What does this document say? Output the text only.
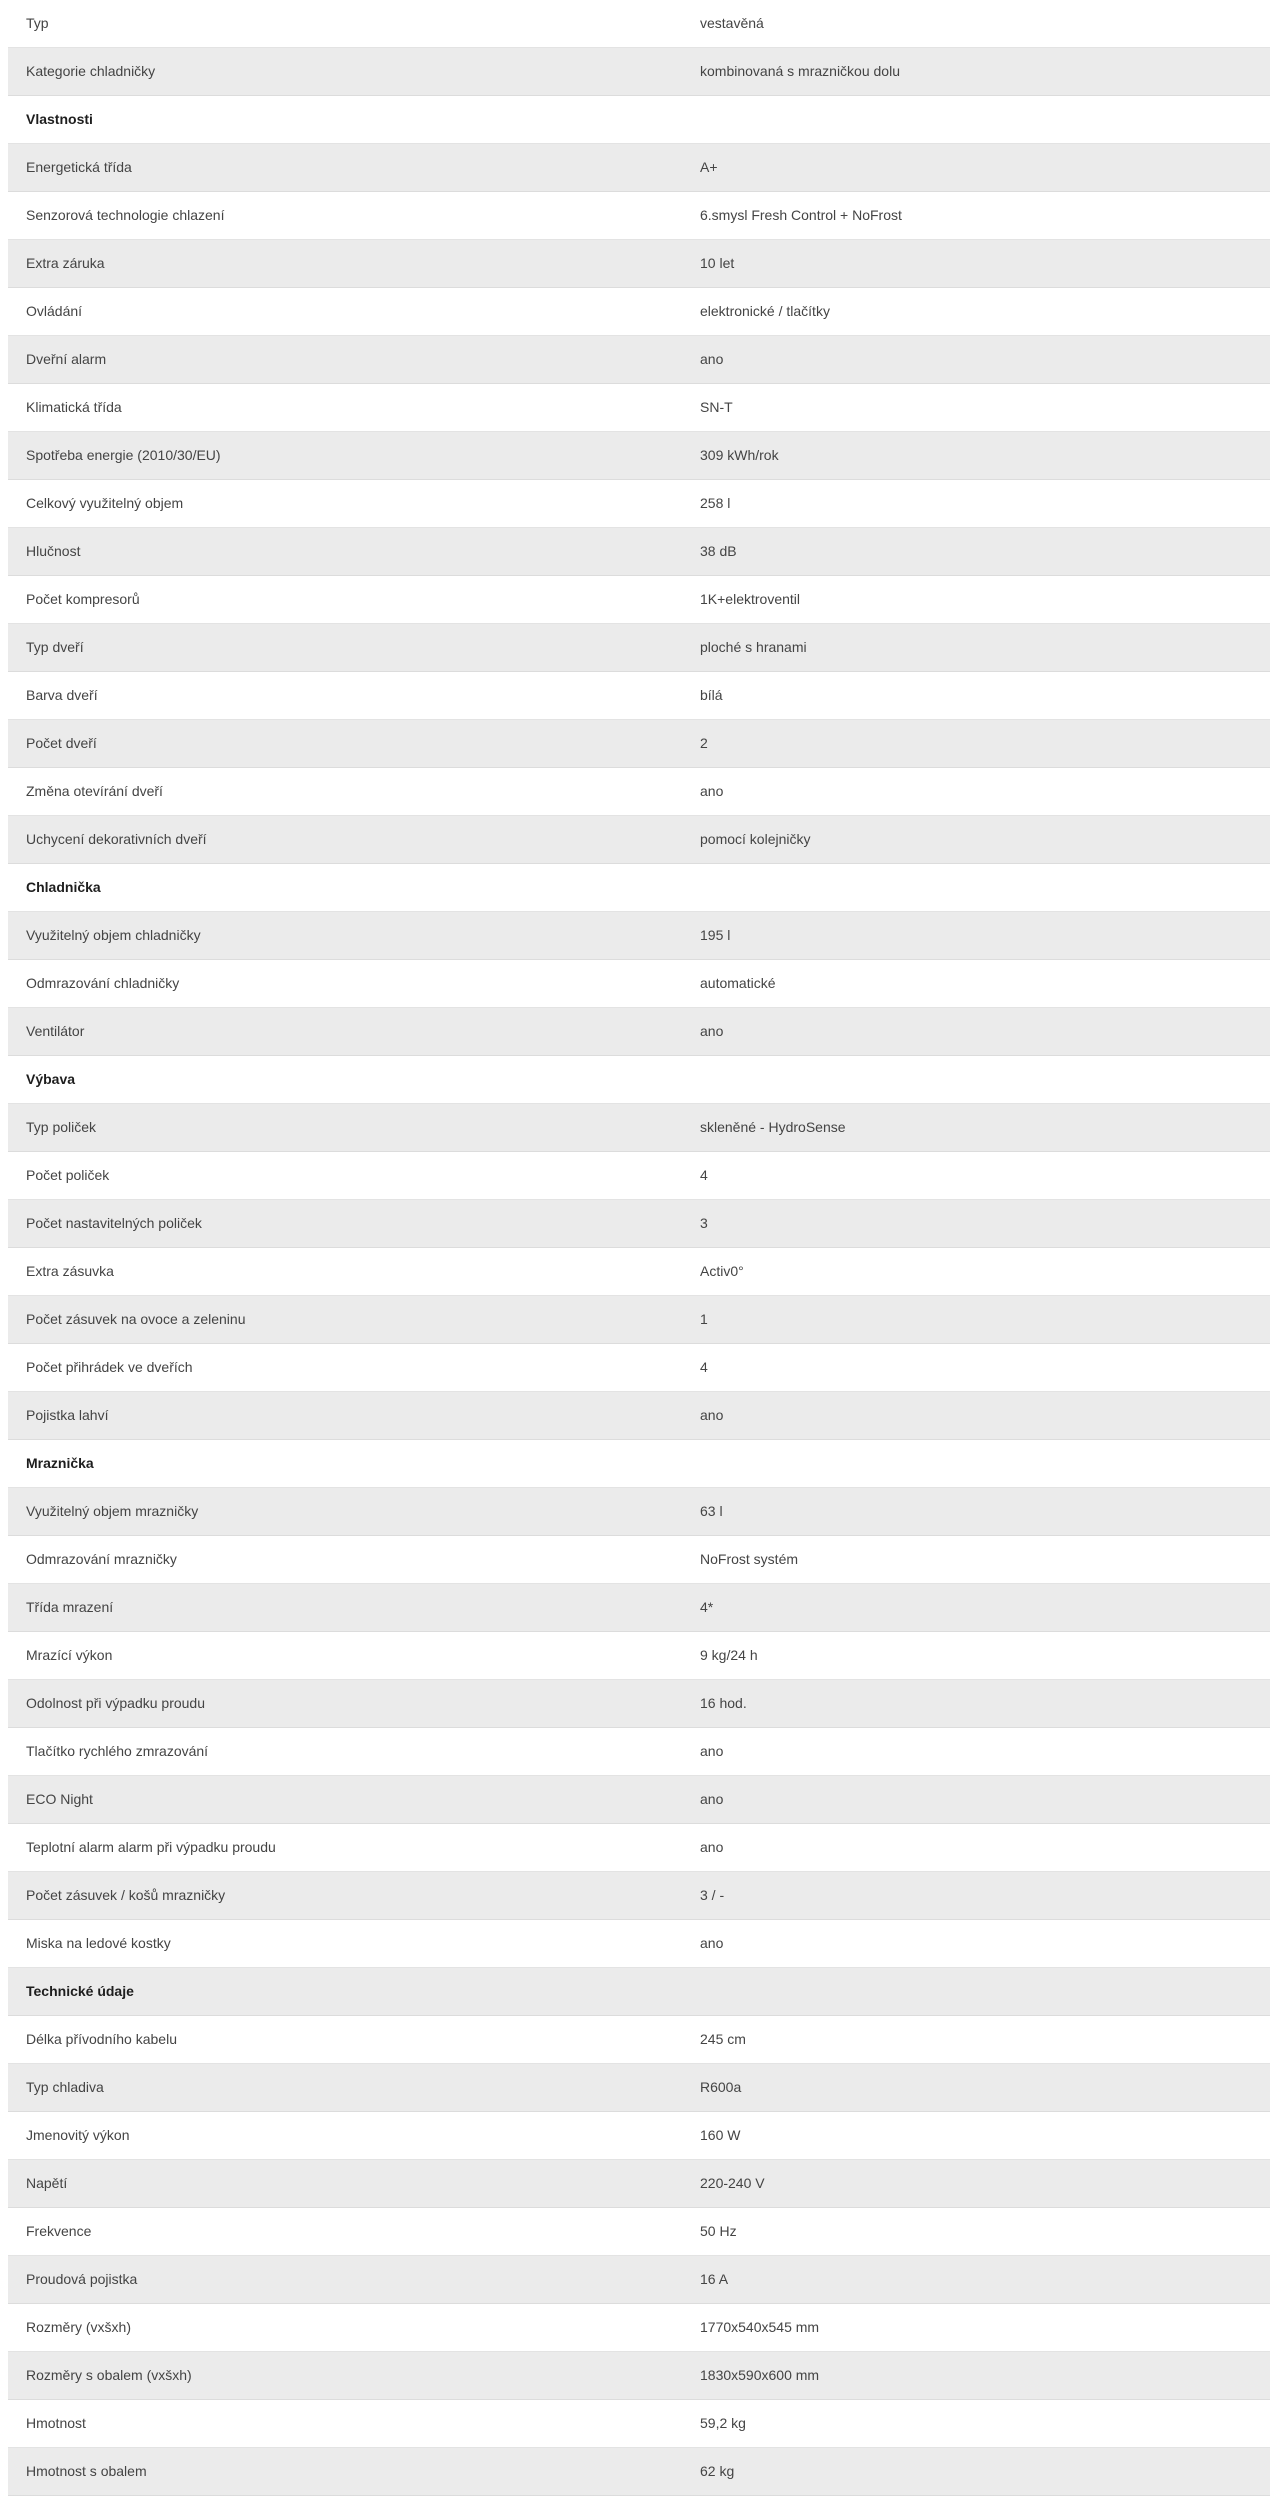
Typ	vestavěná
Kategorie chladničky	kombinovaná s mrazničkou dolu
Vlastnosti	
Energetická třída	A+
Senzorová technologie chlazení	6.smysl Fresh Control + NoFrost
Extra záruka	10 let
Ovládání	elektronické / tlačítky
Dveřní alarm	ano
Klimatická třída	SN-T
Spotřeba energie (2010/30/EU)	309 kWh/rok
Celkový využitelný objem	258 l
Hlučnost	38 dB
Počet kompresorů	1K+elektroventil
Typ dveří	ploché s hranami
Barva dveří	bílá
Počet dveří	2
Změna otevírání dveří	ano
Uchycení dekorativních dveří	pomocí kolejničky
Chladnička	
Využitelný objem chladničky	195 l
Odmrazování chladničky	automatické
Ventilátor	ano
Výbava	
Typ poliček	skleněné - HydroSense
Počet poliček	4
Počet nastavitelných poliček	3
Extra zásuvka	Activ0°
Počet zásuvek na ovoce a zeleninu	1
Počet přihrádek ve dveřích	4
Pojistka lahví	ano
Mraznička	
Využitelný objem mrazničky	63 l
Odmrazování mrazničky	NoFrost systém
Třída mrazení	4*
Mrazící výkon	9 kg/24 h
Odolnost při výpadku proudu	16 hod.
Tlačítko rychlého zmrazování	ano
ECO Night	ano
Teplotní alarm alarm při výpadku proudu	ano
Počet zásuvek / košů mrazničky	3 / -
Miska na ledové kostky	ano
Technické údaje	
Délka přívodního kabelu	245 cm
Typ chladiva	R600a
Jmenovitý výkon	160 W
Napětí	220-240 V
Frekvence	50 Hz
Proudová pojistka	16 A
Rozměry (vxšxh)	1770x540x545 mm
Rozměry s obalem (vxšxh)	1830x590x600 mm
Hmotnost	59,2 kg
Hmotnost s obalem	62 kg
